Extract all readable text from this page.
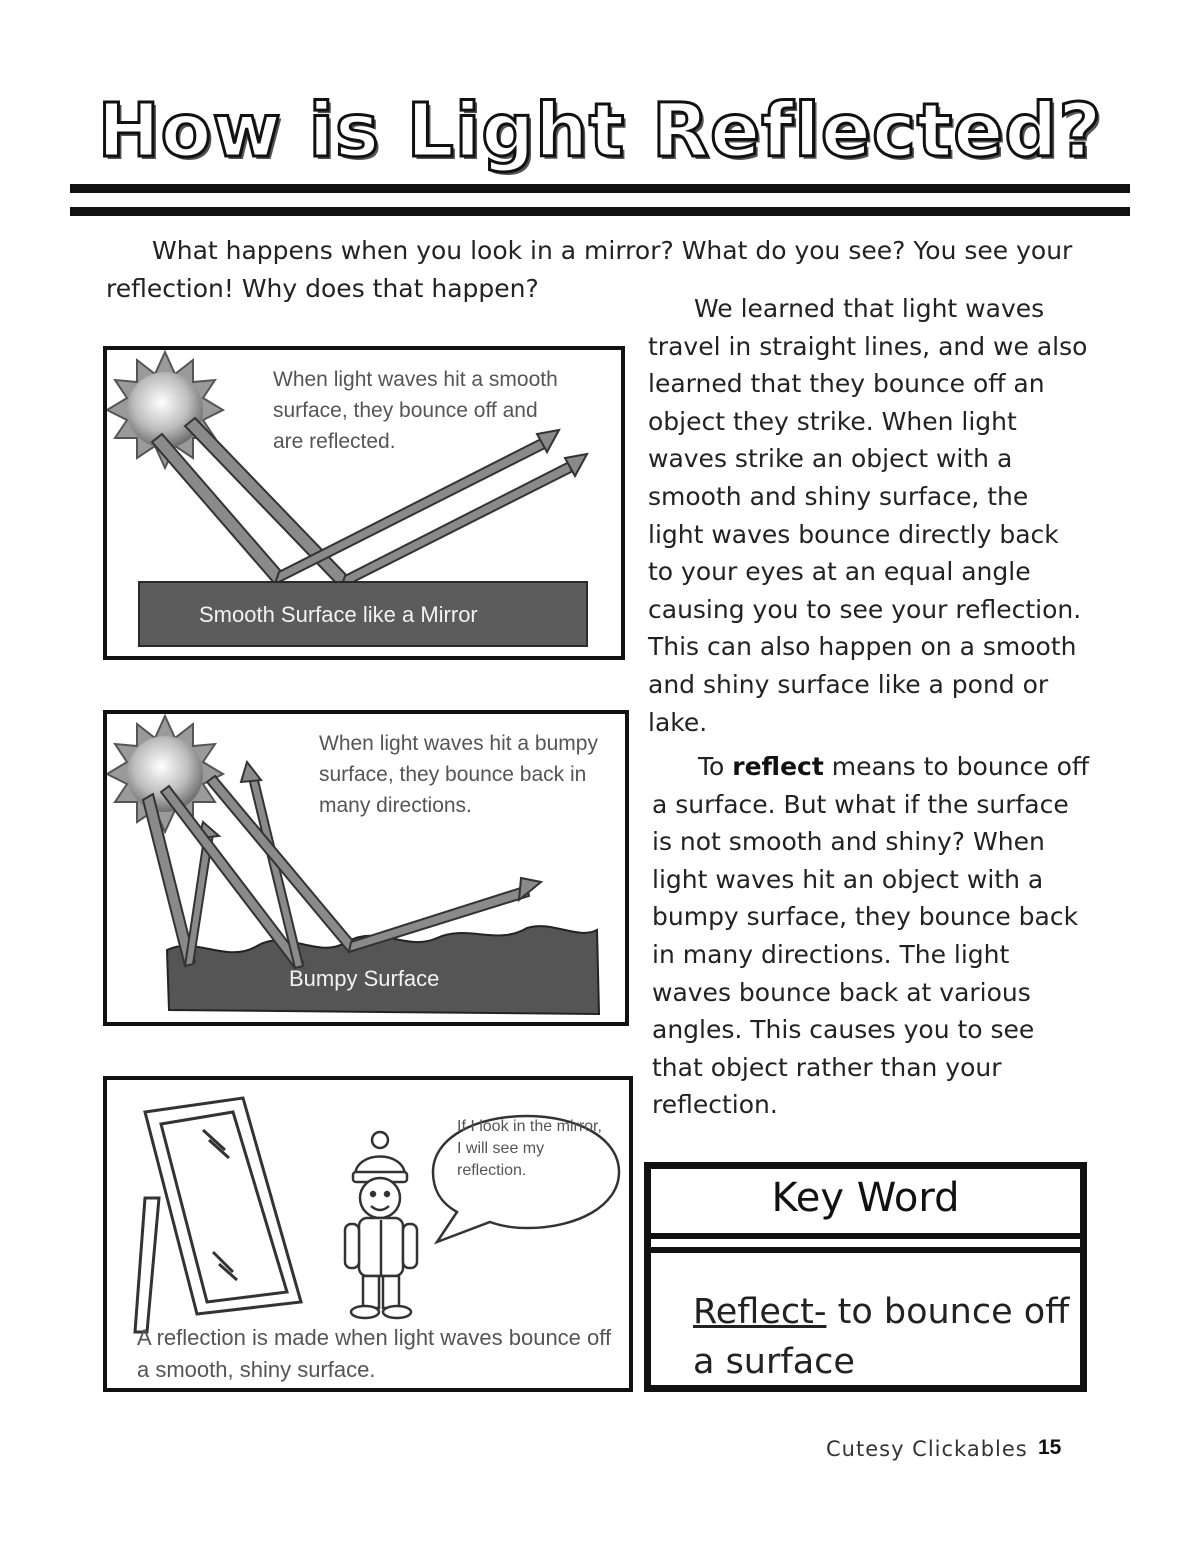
How is Light Reflected?

What happens when you look in a mirror? What do you see? You see your reflection! Why does that happen?

We learned that light waves travel in straight lines, and we also learned that they bounce off an object they strike. When light waves strike an object with a smooth and shiny surface, the light waves bounce directly back to your eyes at an equal angle causing you to see your reflection. This can also happen on a smooth and shiny surface like a pond or lake.

To reflect means to bounce off a surface. But what if the surface is not smooth and shiny? When light waves hit an object with a bumpy surface, they bounce back in many directions. The light waves bounce back at various angles. This causes you to see that object rather than your reflection.

When light waves hit a smooth surface, they bounce off and are reflected.
Smooth Surface like a Mirror
When light waves hit a bumpy surface, they bounce back in many directions.
Bumpy Surface
If I look in the mirror, I will see my reflection.
A reflection is made when light waves bounce off a smooth, shiny surface.
Key Word
Reflect- to bounce off a surface
Cutesy Clickables 15
